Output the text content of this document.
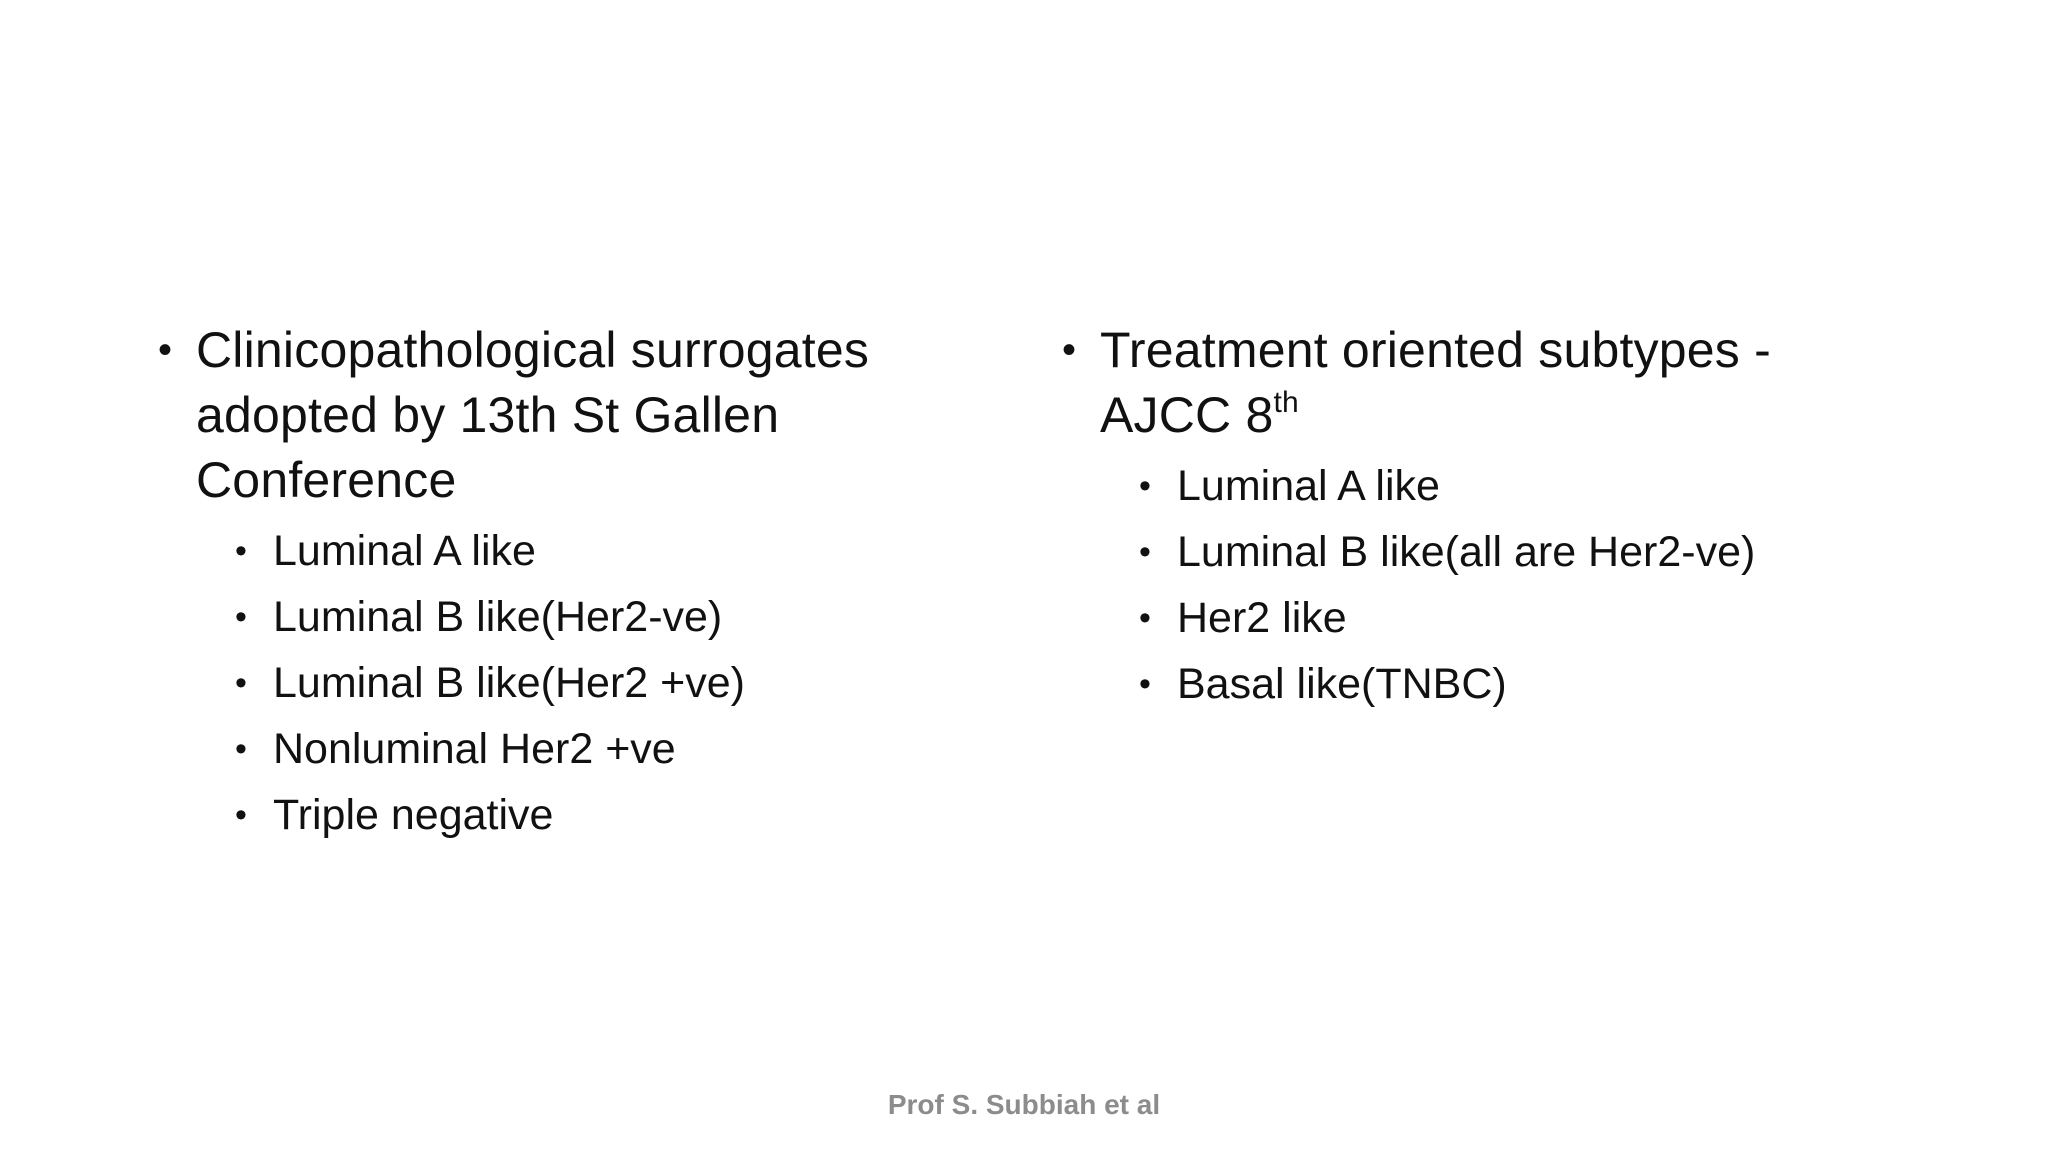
• Clinicopathological surrogates adopted by 13th St Gallen Conference
• Luminal A like
• Luminal B like(Her2-ve)
• Luminal B like(Her2 +ve)
• Nonluminal Her2 +ve
• Triple negative
• Treatment oriented subtypes -
AJCC 8th
• Luminal A like
• Luminal B like(all are Her2-ve)
• Her2 like
• Basal like(TNBC)
Prof S. Subbiah et al
